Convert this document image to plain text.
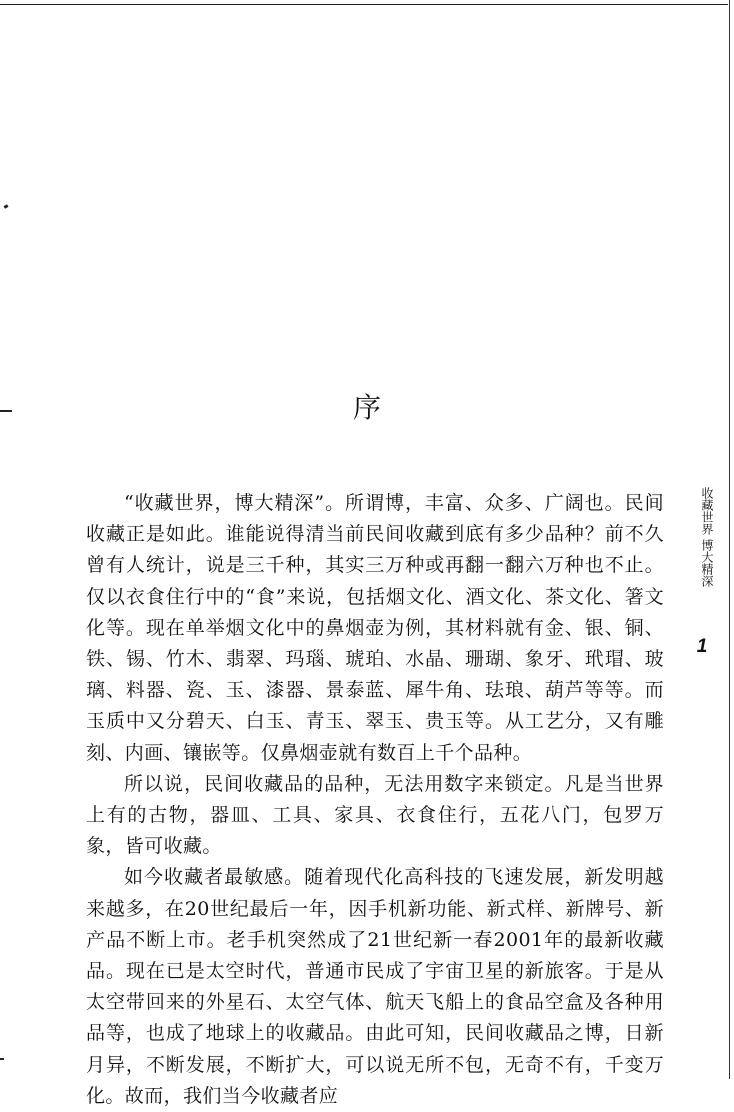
序

“收藏世界，博大精深”。所谓博，丰富、众多、广阔也。民间收藏正是如此。谁能说得清当前民间收藏到底有多少品种？前不久曾有人统计，说是三千种，其实三万种或再翻一翻六万种也不止。仅以衣食住行中的“食”来说，包括烟文化、酒文化、茶文化、箸文化等。现在单举烟文化中的鼻烟壶为例，其材料就有金、银、铜、铁、锡、竹木、翡翠、玛瑙、琥珀、水晶、珊瑚、象牙、玳瑁、玻璃、料器、瓷、玉、漆器、景泰蓝、犀牛角、珐琅、葫芦等等。而玉质中又分碧天、白玉、青玉、翠玉、贵玉等。从工艺分，又有雕刻、内画、镶嵌等。仅鼻烟壶就有数百上千个品种。

所以说，民间收藏品的品种，无法用数字来锁定。凡是当世界上有的古物，器皿、工具、家具、衣食住行，五花八门，包罗万象，皆可收藏。

如今收藏者最敏感。随着现代化高科技的飞速发展，新发明越来越多，在20世纪最后一年，因手机新功能、新式样、新牌号、新产品不断上市。老手机突然成了21世纪新一春2001年的最新收藏品。现在已是太空时代，普通市民成了宇宙卫星的新旅客。于是从太空带回来的外星石、太空气体、航天飞船上的食品空盒及各种用品等，也成了地球上的收藏品。由此可知，民间收藏品之博，日新月异，不断发展，不断扩大，可以说无所不包，无奇不有，千变万化。故而，我们当今收藏者应

收藏世界 博大精深
1
